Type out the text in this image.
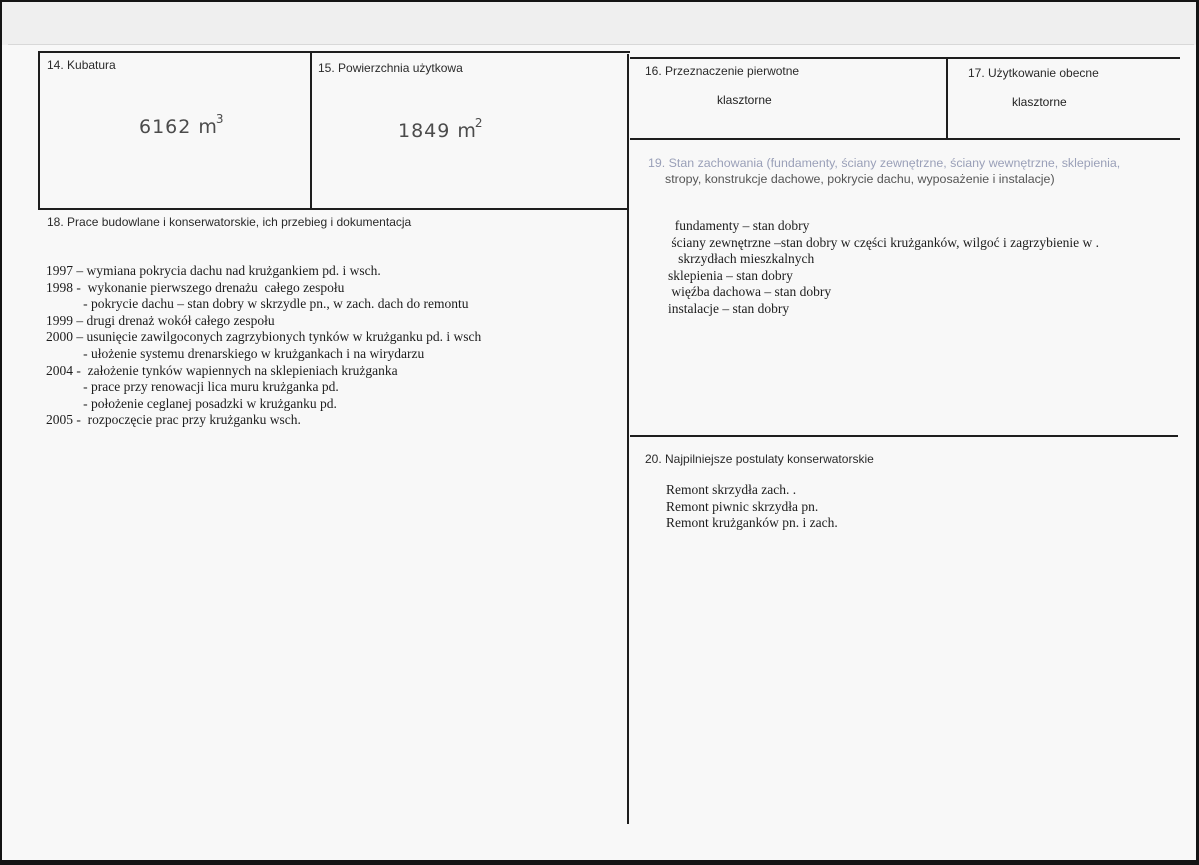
14. Kubatura
6162 $m^3$
15. Powierzchnia użytkowa
1849 $m^2$
16. Przeznaczenie pierwotne
klasztorne
17. Użytkowanie obecne
klasztorne
18. Prace budowlane i konserwatorskie, ich przebieg i dokumentacja
1997 – wymiana pokrycia dachu nad krużgankiem pd. i wsch.
1998 -  wykonanie pierwszego drenażu  całego zespołu
- pokrycie dachu – stan dobry w skrzydle pn., w zach. dach do remontu
1999 – drugi drenaż wokół całego zespołu
2000 – usunięcie zawilgoconych zagrzybionych tynków w krużganku pd. i wsch
- ułożenie systemu drenarskiego w krużgankach i na wirydarzu
2004 -  założenie tynków wapiennych na sklepieniach krużganka
- prace przy renowacji lica muru krużganka pd.
- położenie ceglanej posadzki w krużganku pd.
2005 -  rozpoczęcie prac przy krużganku wsch.
19. Stan zachowania (fundamenty, ściany zewnętrzne, ściany wewnętrzne, sklepienia,
stropy, konstrukcje dachowe, pokrycie dachu, wyposażenie i instalacje)
fundamenty – stan dobry
ściany zewnętrzne –stan dobry w części krużganków, wilgoć i zagrzybienie w .
skrzydłach mieszkalnych
sklepienia – stan dobry
więźba dachowa – stan dobry
instalacje – stan dobry
20. Najpilniejsze postulaty konserwatorskie
Remont skrzydła zach. .
Remont piwnic skrzydła pn.
Remont krużganków pn. i zach.
